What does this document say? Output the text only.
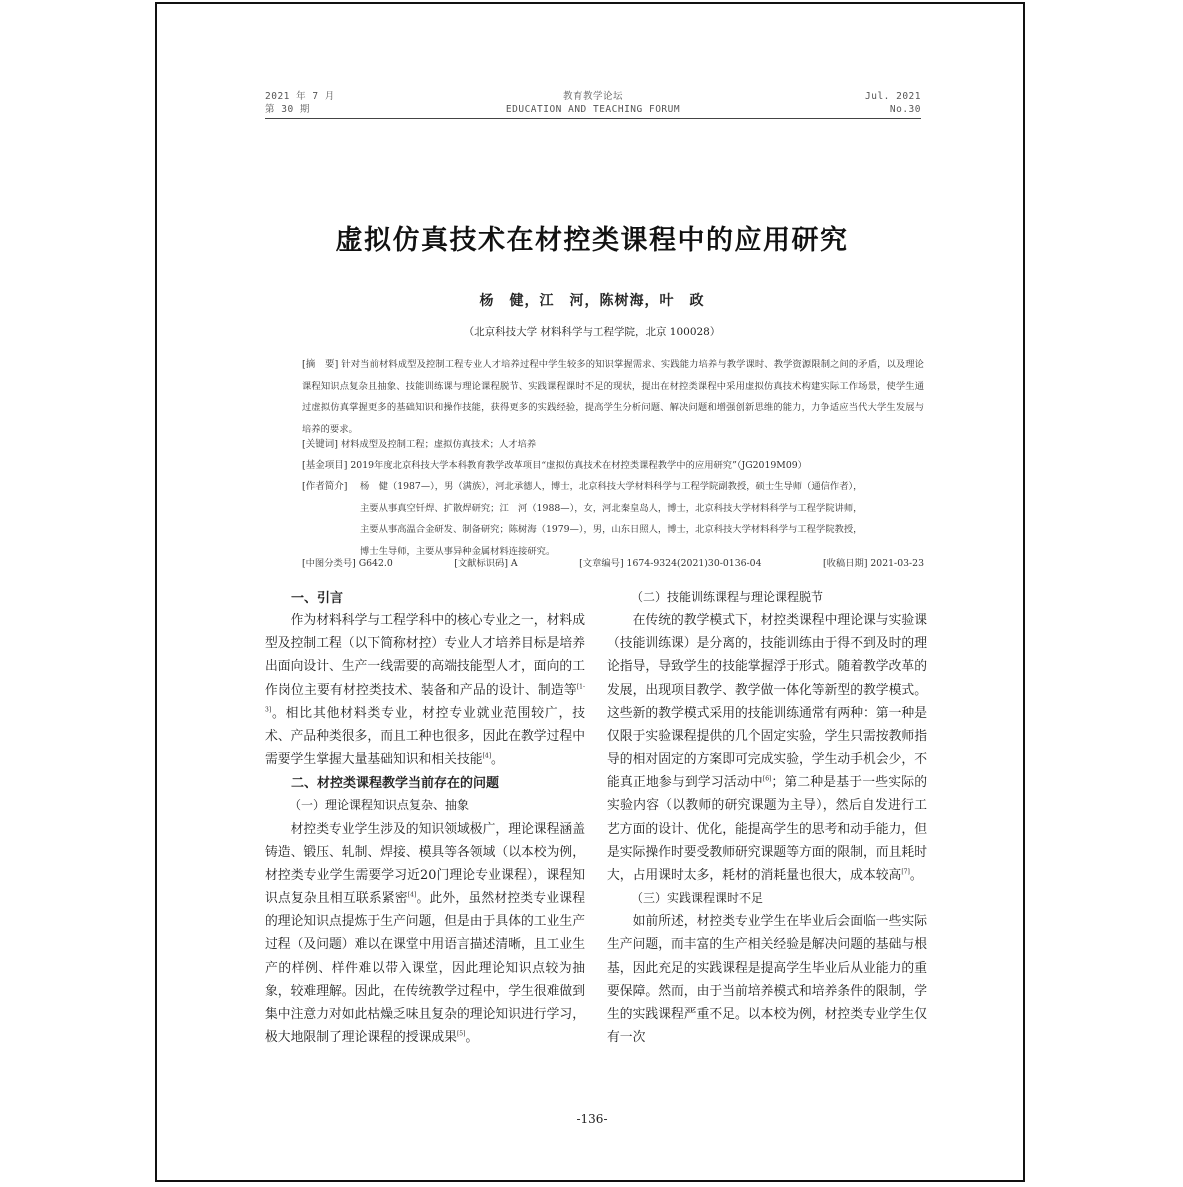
2021 年 7 月
第 30 期
教育教学论坛
EDUCATION AND TEACHING FORUM
Jul. 2021
No.30
虚拟仿真技术在材控类课程中的应用研究
杨　健，江　河，陈树海，叶　政
（北京科技大学 材料科学与工程学院，北京 100028）
[摘　要] 针对当前材料成型及控制工程专业人才培养过程中学生较多的知识掌握需求、实践能力培养与教学课时、教学资源限制之间的矛盾，以及理论课程知识点复杂且抽象、技能训练课与理论课程脱节、实践课程课时不足的现状，提出在材控类课程中采用虚拟仿真技术构建实际工作场景，使学生通过虚拟仿真掌握更多的基础知识和操作技能，获得更多的实践经验，提高学生分析问题、解决问题和增强创新思维的能力，力争适应当代大学生发展与培养的要求。
[关键词] 材料成型及控制工程；虚拟仿真技术；人才培养
[基金项目] 2019年度北京科技大学本科教育教学改革项目“虚拟仿真技术在材控类课程教学中的应用研究”（JG2019M09）
[作者简介]	杨　健（1987—），男（满族），河北承德人，博士，北京科技大学材料科学与工程学院副教授，硕士生导师（通信作者），
主要从事真空钎焊、扩散焊研究；江　河（1988—），女，河北秦皇岛人，博士，北京科技大学材料科学与工程学院讲师，
主要从事高温合金研发、制备研究；陈树海（1979—），男，山东日照人，博士，北京科技大学材料科学与工程学院教授，
博士生导师，主要从事异种金属材料连接研究。
[中图分类号] G642.0	[文献标识码] A	[文章编号] 1674-9324(2021)30-0136-04	[收稿日期] 2021-03-23

一、引言

作为材料科学与工程学科中的核心专业之一，材料成型及控制工程（以下简称材控）专业人才培养目标是培养出面向设计、生产一线需要的高端技能型人才，面向的工作岗位主要有材控类技术、装备和产品的设计、制造等[1-3]。相比其他材料类专业，材控专业就业范围较广，技术、产品种类很多，而且工种也很多，因此在教学过程中需要学生掌握大量基础知识和相关技能[4]。

二、材控类课程教学当前存在的问题

（一）理论课程知识点复杂、抽象

材控类专业学生涉及的知识领域极广，理论课程涵盖铸造、锻压、轧制、焊接、模具等各领域（以本校为例，材控类专业学生需要学习近20门理论专业课程），课程知识点复杂且相互联系紧密[4]。此外，虽然材控类专业课程的理论知识点提炼于生产问题，但是由于具体的工业生产过程（及问题）难以在课堂中用语言描述清晰，且工业生产的样例、样件难以带入课堂，因此理论知识点较为抽象，较难理解。因此，在传统教学过程中，学生很难做到集中注意力对如此枯燥乏味且复杂的理论知识进行学习，极大地限制了理论课程的授课成果[5]。

（二）技能训练课程与理论课程脱节

在传统的教学模式下，材控类课程中理论课与实验课（技能训练课）是分离的，技能训练由于得不到及时的理论指导，导致学生的技能掌握浮于形式。随着教学改革的发展，出现项目教学、教学做一体化等新型的教学模式。这些新的教学模式采用的技能训练通常有两种：第一种是仅限于实验课程提供的几个固定实验，学生只需按教师指导的相对固定的方案即可完成实验，学生动手机会少，不能真正地参与到学习活动中[6]；第二种是基于一些实际的实验内容（以教师的研究课题为主导），然后自发进行工艺方面的设计、优化，能提高学生的思考和动手能力，但是实际操作时要受教师研究课题等方面的限制，而且耗时大，占用课时太多，耗材的消耗量也很大，成本较高[7]。

（三）实践课程课时不足

如前所述，材控类专业学生在毕业后会面临一些实际生产问题，而丰富的生产相关经验是解决问题的基础与根基，因此充足的实践课程是提高学生毕业后从业能力的重要保障。然而，由于当前培养模式和培养条件的限制，学生的实践课程严重不足。以本校为例，材控类专业学生仅有一次

-136-
